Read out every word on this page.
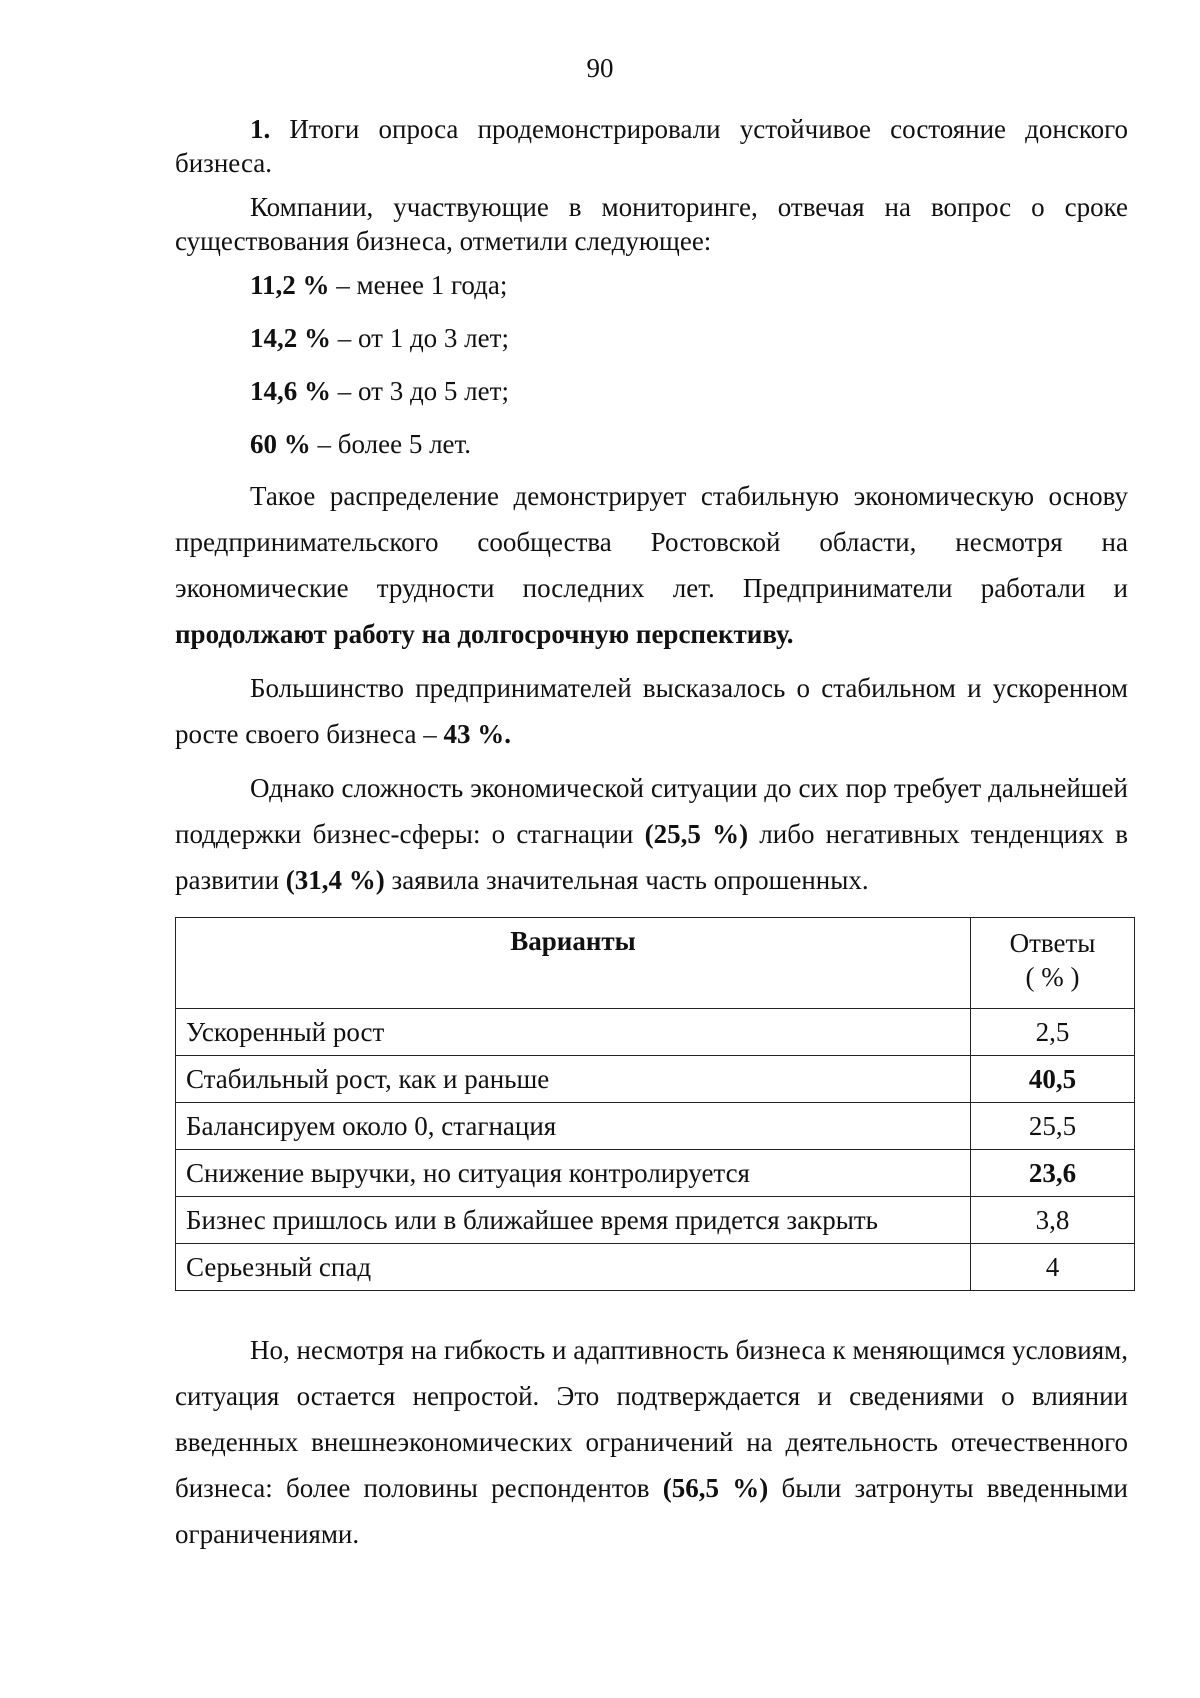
90

1. Итоги опроса продемонстрировали устойчивое состояние донского бизнеса.

Компании, участвующие в мониторинге, отвечая на вопрос о сроке существования бизнеса, отметили следующее:

11,2 % – менее 1 года;

14,2 % – от 1 до 3 лет;

14,6 % – от 3 до 5 лет;

60 % – более 5 лет.

Такое распределение демонстрирует стабильную экономическую основу предпринимательского сообщества Ростовской области, несмотря на экономические трудности последних лет. Предприниматели работали и продолжают работу на долгосрочную перспективу.

Большинство предпринимателей высказалось о стабильном и ускоренном росте своего бизнеса – 43 %.

Однако сложность экономической ситуации до сих пор требует дальнейшей поддержки бизнес-сферы: о стагнации (25,5 %) либо негативных тенденциях в развитии (31,4 %) заявила значительная часть опрошенных.

Варианты	Ответы
( % )
Ускоренный рост	2,5
Стабильный рост, как и раньше	40,5
Балансируем около 0, стагнация	25,5
Снижение выручки, но ситуация контролируется	23,6
Бизнес пришлось или в ближайшее время придется закрыть	3,8
Серьезный спад	4

Но, несмотря на гибкость и адаптивность бизнеса к меняющимся условиям, ситуация остается непростой. Это подтверждается и сведениями о влиянии введенных внешнеэкономических ограничений на деятельность отечественного бизнеса: более половины респондентов (56,5 %) были затронуты введенными ограничениями.
